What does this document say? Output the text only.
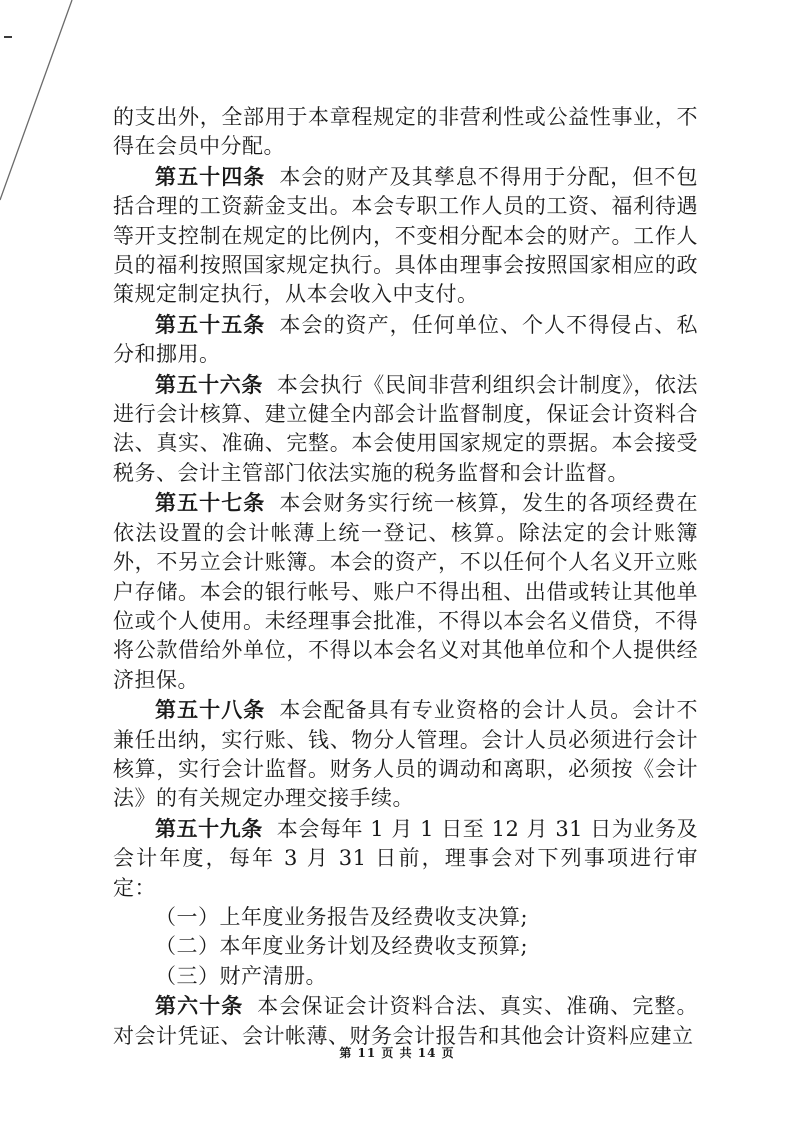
的支出外，全部用于本章程规定的非营利性或公益性事业，不得在会员中分配。

第五十四条 本会的财产及其孳息不得用于分配，但不包括合理的工资薪金支出。本会专职工作人员的工资、福利待遇等开支控制在规定的比例内，不变相分配本会的财产。工作人员的福利按照国家规定执行。具体由理事会按照国家相应的政策规定制定执行，从本会收入中支付。

第五十五条 本会的资产，任何单位、个人不得侵占、私分和挪用。

第五十六条 本会执行《民间非营利组织会计制度》，依法进行会计核算、建立健全内部会计监督制度，保证会计资料合法、真实、准确、完整。本会使用国家规定的票据。本会接受税务、会计主管部门依法实施的税务监督和会计监督。

第五十七条 本会财务实行统一核算，发生的各项经费在依法设置的会计帐薄上统一登记、核算。除法定的会计账簿外，不另立会计账簿。本会的资产，不以任何个人名义开立账户存储。本会的银行帐号、账户不得出租、出借或转让其他单位或个人使用。未经理事会批准，不得以本会名义借贷，不得将公款借给外单位，不得以本会名义对其他单位和个人提供经济担保。

第五十八条 本会配备具有专业资格的会计人员。会计不兼任出纳，实行账、钱、物分人管理。会计人员必须进行会计核算，实行会计监督。财务人员的调动和离职，必须按《会计法》的有关规定办理交接手续。

第五十九条 本会每年 1 月 1 日至 12 月 31 日为业务及会计年度，每年 3 月 31 日前，理事会对下列事项进行审定：

（一）上年度业务报告及经费收支决算;

（二）本年度业务计划及经费收支预算;

（三）财产清册。

第六十条 本会保证会计资料合法、真实、准确、完整。对会计凭证、会计帐薄、财务会计报告和其他会计资料应建立

第 11 页 共 14 页
